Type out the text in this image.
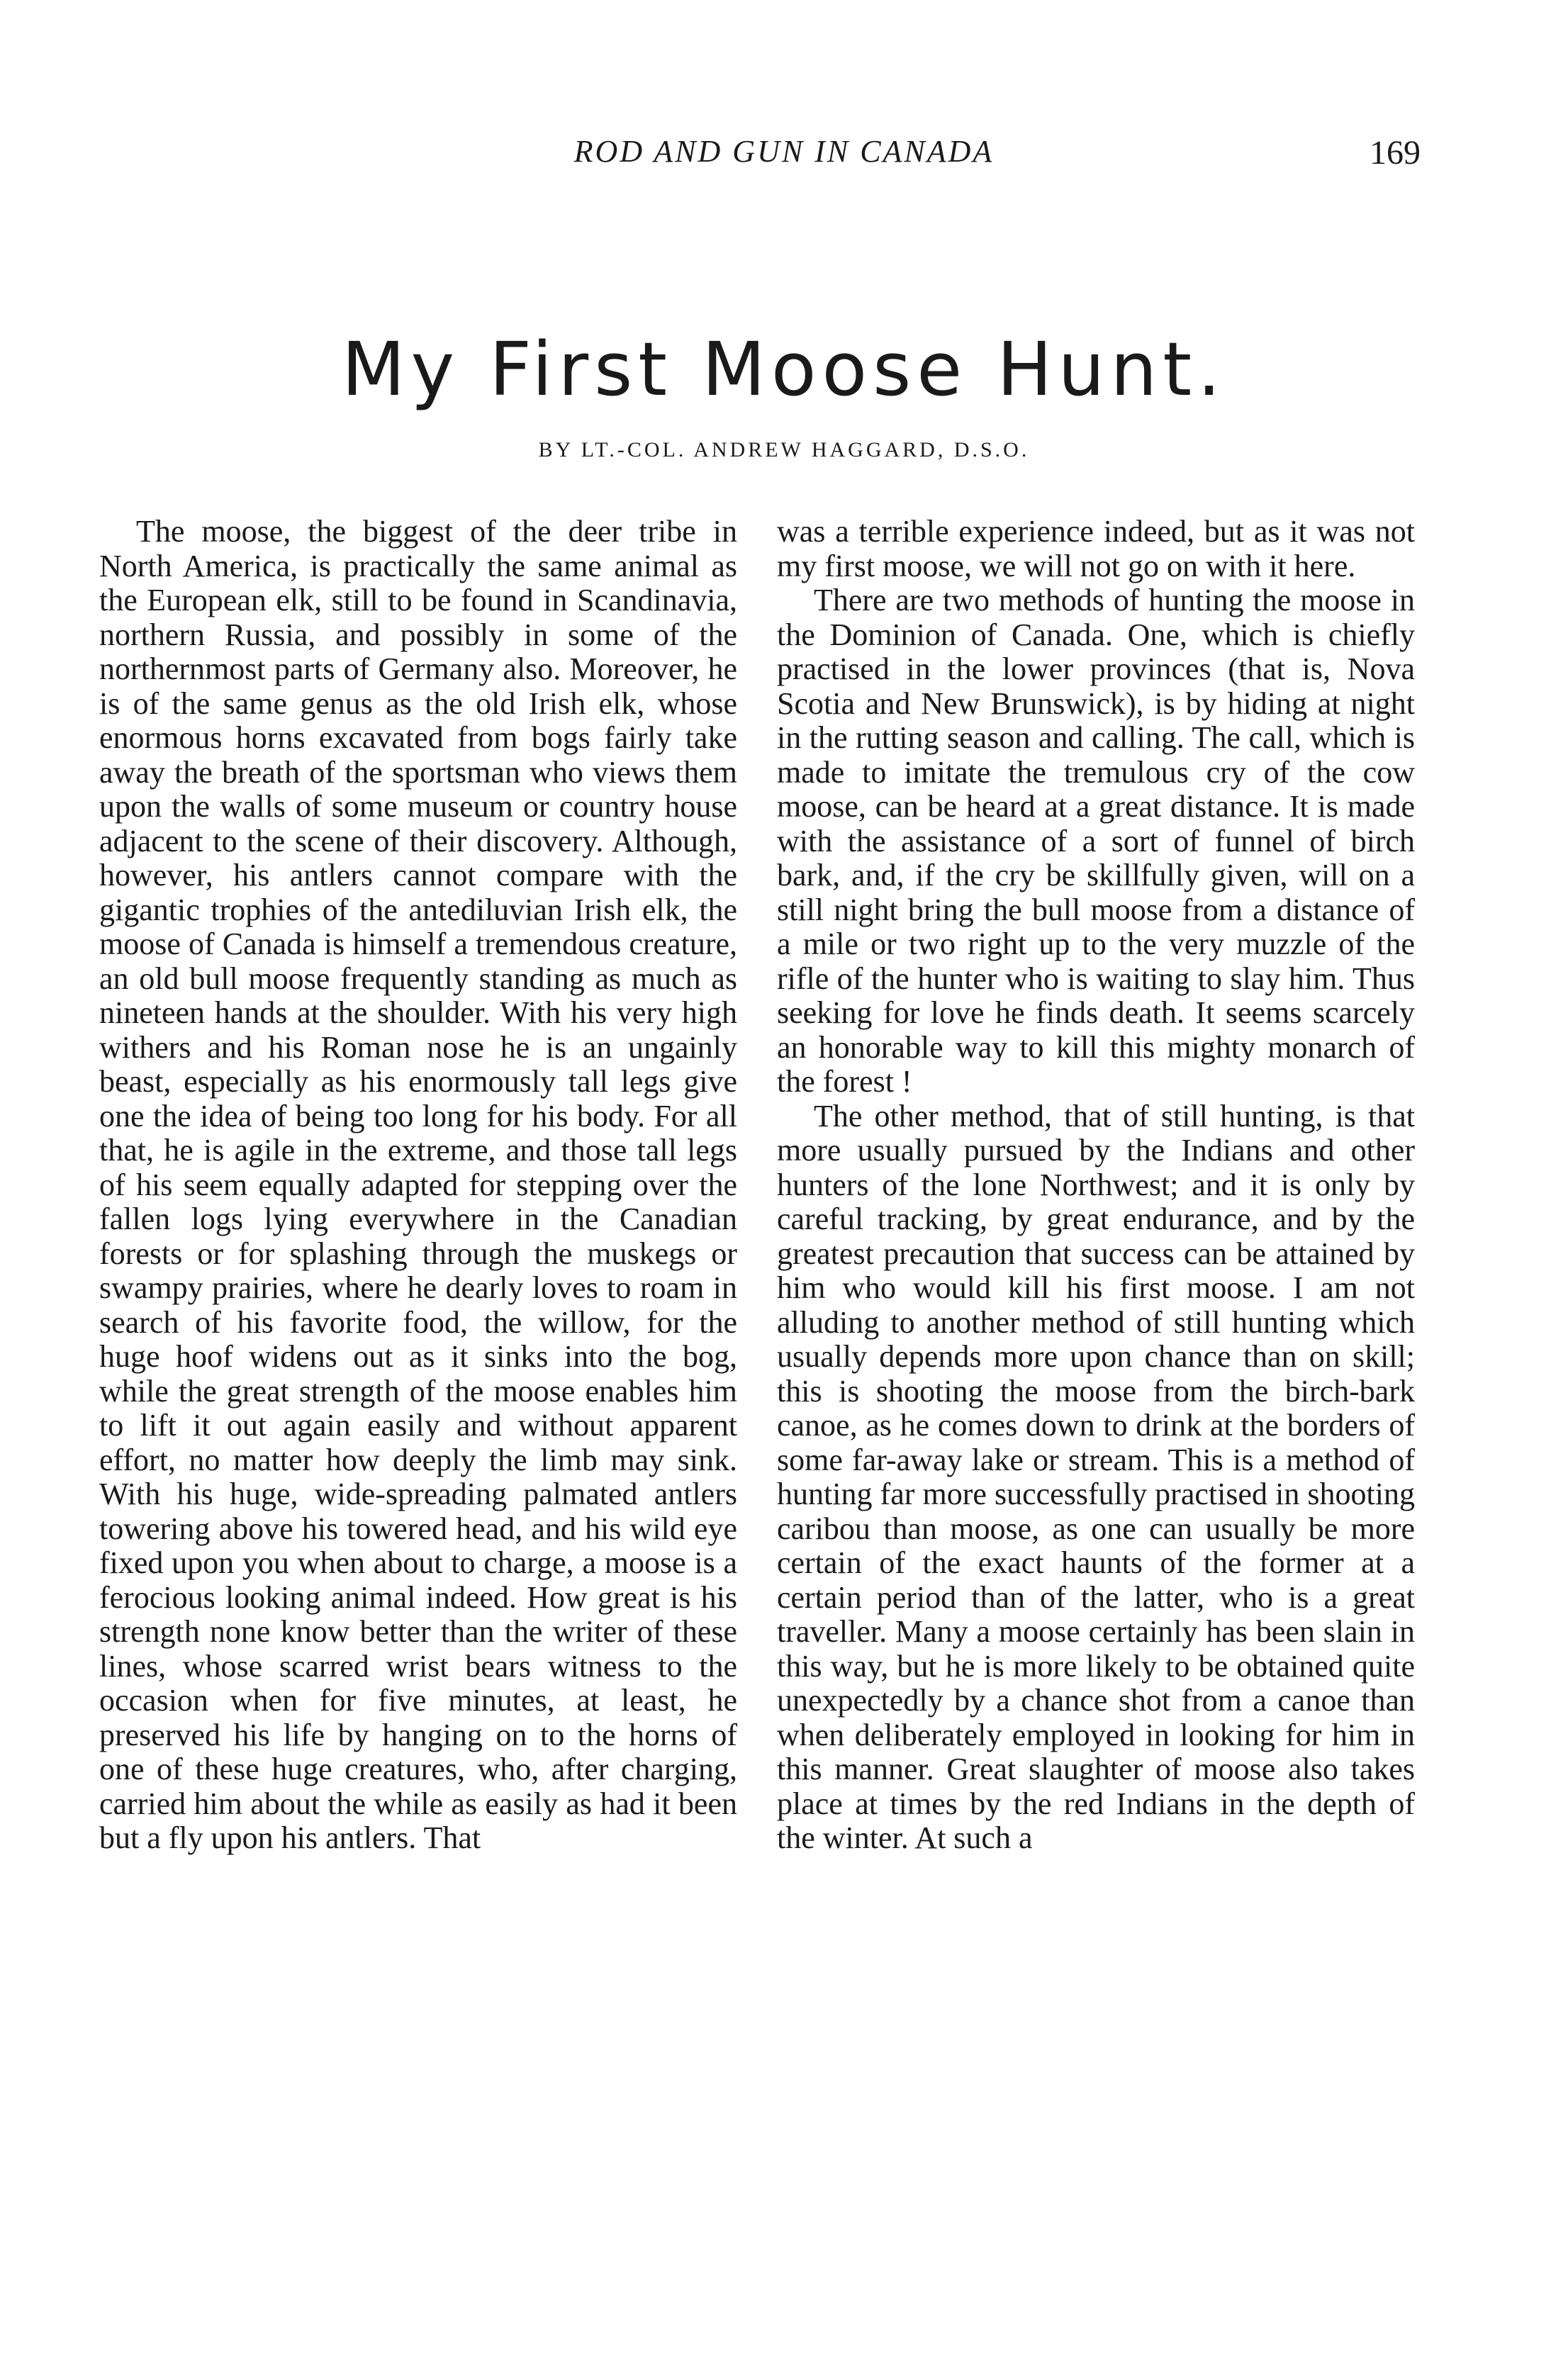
ROD AND GUN IN CANADA	169
My First Moose Hunt.
BY LT.-COL. ANDREW HAGGARD, D.S.O.

The moose, the biggest of the deer tribe in North America, is practically the same animal as the European elk, still to be found in Scandinavia, northern Russia, and possibly in some of the northernmost parts of Germany also. Moreover, he is of the same genus as the old Irish elk, whose enormous horns excavated from bogs fairly take away the breath of the sportsman who views them upon the walls of some museum or country house adjacent to the scene of their discovery. Although, however, his antlers cannot compare with the gigantic trophies of the antediluvian Irish elk, the moose of Canada is himself a tremendous creature, an old bull moose frequently standing as much as nineteen hands at the shoulder. With his very high withers and his Roman nose he is an ungainly beast, especially as his enormously tall legs give one the idea of being too long for his body. For all that, he is agile in the extreme, and those tall legs of his seem equally adapted for stepping over the fallen logs lying everywhere in the Canadian forests or for splashing through the muskegs or swampy prairies, where he dearly loves to roam in search of his favorite food, the willow, for the huge hoof widens out as it sinks into the bog, while the great strength of the moose enables him to lift it out again easily and without apparent effort, no matter how deeply the limb may sink. With his huge, wide-spreading palmated antlers towering above his towered head, and his wild eye fixed upon you when about to charge, a moose is a ferocious looking animal indeed. How great is his strength none know better than the writer of these lines, whose scarred wrist bears witness to the occasion when for five minutes, at least, he preserved his life by hanging on to the horns of one of these huge creatures, who, after charging, carried him about the while as easily as had it been but a fly upon his antlers. That

was a terrible experience indeed, but as it was not my first moose, we will not go on with it here.

There are two methods of hunting the moose in the Dominion of Canada. One, which is chiefly practised in the lower provinces (that is, Nova Scotia and New Brunswick), is by hiding at night in the rutting season and calling. The call, which is made to imitate the tremulous cry of the cow moose, can be heard at a great distance. It is made with the assistance of a sort of funnel of birch bark, and, if the cry be skillfully given, will on a still night bring the bull moose from a distance of a mile or two right up to the very muzzle of the rifle of the hunter who is waiting to slay him. Thus seeking for love he finds death. It seems scarcely an honorable way to kill this mighty monarch of the forest !

The other method, that of still hunting, is that more usually pursued by the Indians and other hunters of the lone Northwest; and it is only by careful tracking, by great endurance, and by the greatest precaution that success can be attained by him who would kill his first moose. I am not alluding to another method of still hunting which usually depends more upon chance than on skill; this is shooting the moose from the birch-bark canoe, as he comes down to drink at the borders of some far-away lake or stream. This is a method of hunting far more successfully practised in shooting caribou than moose, as one can usually be more certain of the exact haunts of the former at a certain period than of the latter, who is a great traveller. Many a moose certainly has been slain in this way, but he is more likely to be obtained quite unexpectedly by a chance shot from a canoe than when deliberately employed in looking for him in this manner. Great slaughter of moose also takes place at times by the red Indians in the depth of the winter. At such a
